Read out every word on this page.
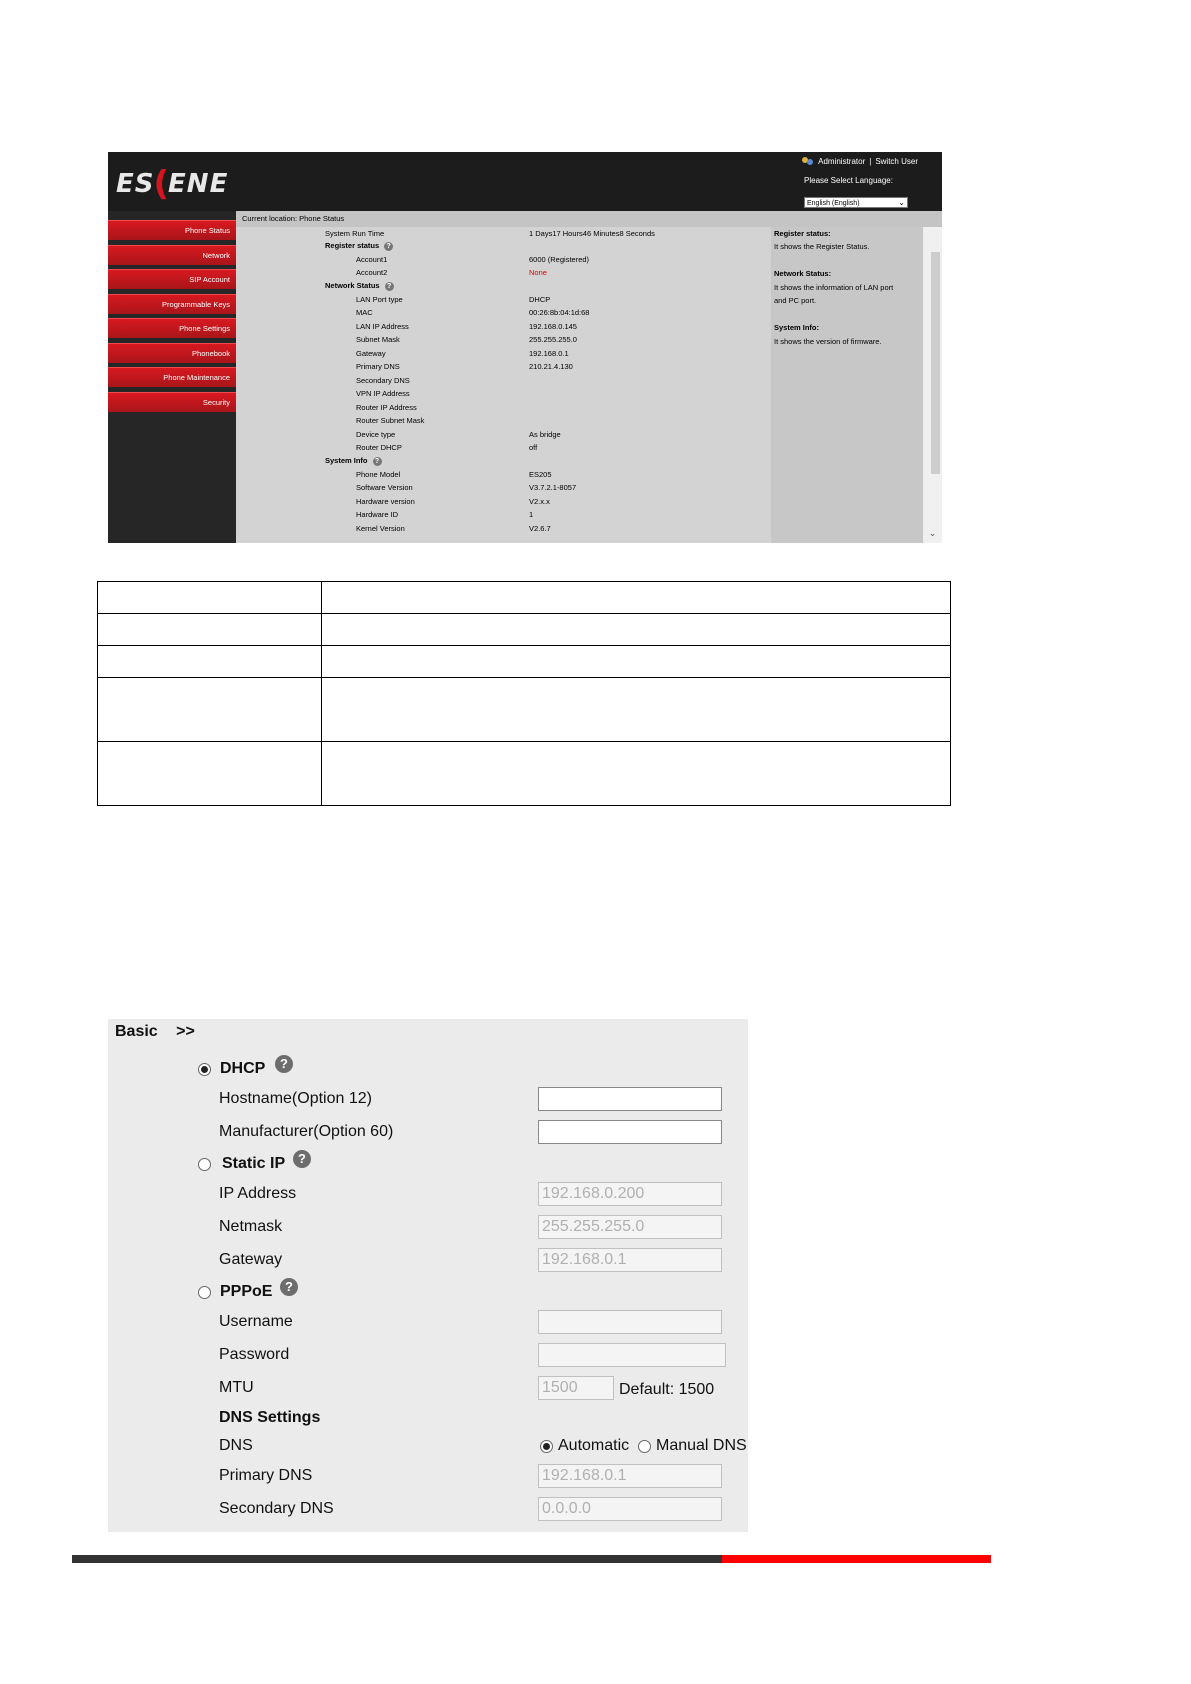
ES ( ENE
Administrator | Switch User
Please Select Language:
English (English)	⌄
Phone Status
Network
SIP Account
Programmable Keys
Phone Settings
Phonebook
Phone Maintenance
Security
Current location: Phone Status
System Run Time	1 Days17 Hours46 Minutes8 Seconds
Register status ?
Account1	6000 (Registered)
Account2	None
Network Status ?
LAN Port type	DHCP
MAC	00:26:8b:04:1d:68
LAN IP Address	192.168.0.145
Subnet Mask	255.255.255.0
Gateway	192.168.0.1
Primary DNS	210.21.4.130
Secondary DNS
VPN IP Address
Router IP Address
Router Subnet Mask
Device type	As bridge
Router DHCP	off
System Info ?
Phone Model	ES205
Software Version	V3.7.2.1-8057
Hardware version	V2.x.x
Hardware ID	1
Kernel Version	V2.6.7
Register status:
It shows the Register Status.
Network Status:
It shows the information of LAN port
and PC port.
System Info:
It shows the version of firmware.
⌄

Basic >>
DHCP	?
Hostname(Option 12)
Manufacturer(Option 60)
Static IP ?
IP Address	192.168.0.200
Netmask	255.255.255.0
Gateway	192.168.0.1
PPPoE ?
Username
Password
MTU	1500	Default: 1500
DNS Settings
DNS	Automatic Manual DNS
Primary DNS	192.168.0.1
Secondary DNS	0.0.0.0
